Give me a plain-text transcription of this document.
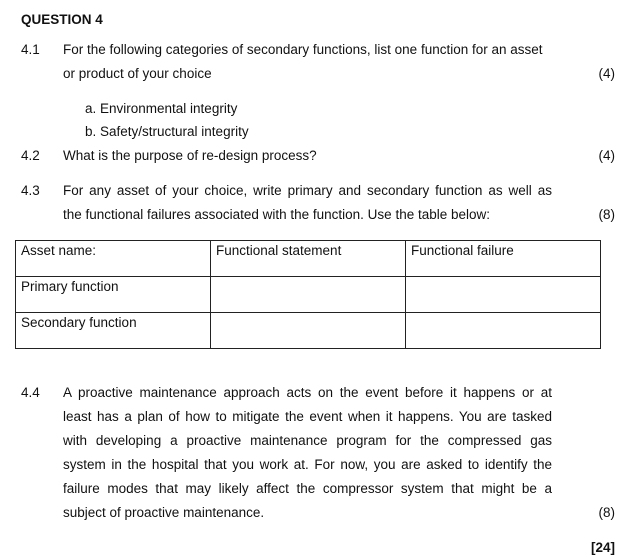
QUESTION 4
4.1 For the following categories of secondary functions, list one function for an asset
or product of your choice	(4)
a. Environmental integrity
b. Safety/structural integrity
4.2 What is the purpose of re-design process?	(4)
4.3 For any asset of your choice, write primary and secondary function as well as
the functional failures associated with the function. Use the table below:	(8)
Asset name:	Functional statement	Functional failure
Primary function		
Secondary function		
4.4 A proactive maintenance approach acts on the event before it happens or at
least has a plan of how to mitigate the event when it happens. You are tasked
with developing a proactive maintenance program for the compressed gas
system in the hospital that you work at. For now, you are asked to identify the
failure modes that may likely affect the compressor system that might be a
subject of proactive maintenance.	(8)
[24]
